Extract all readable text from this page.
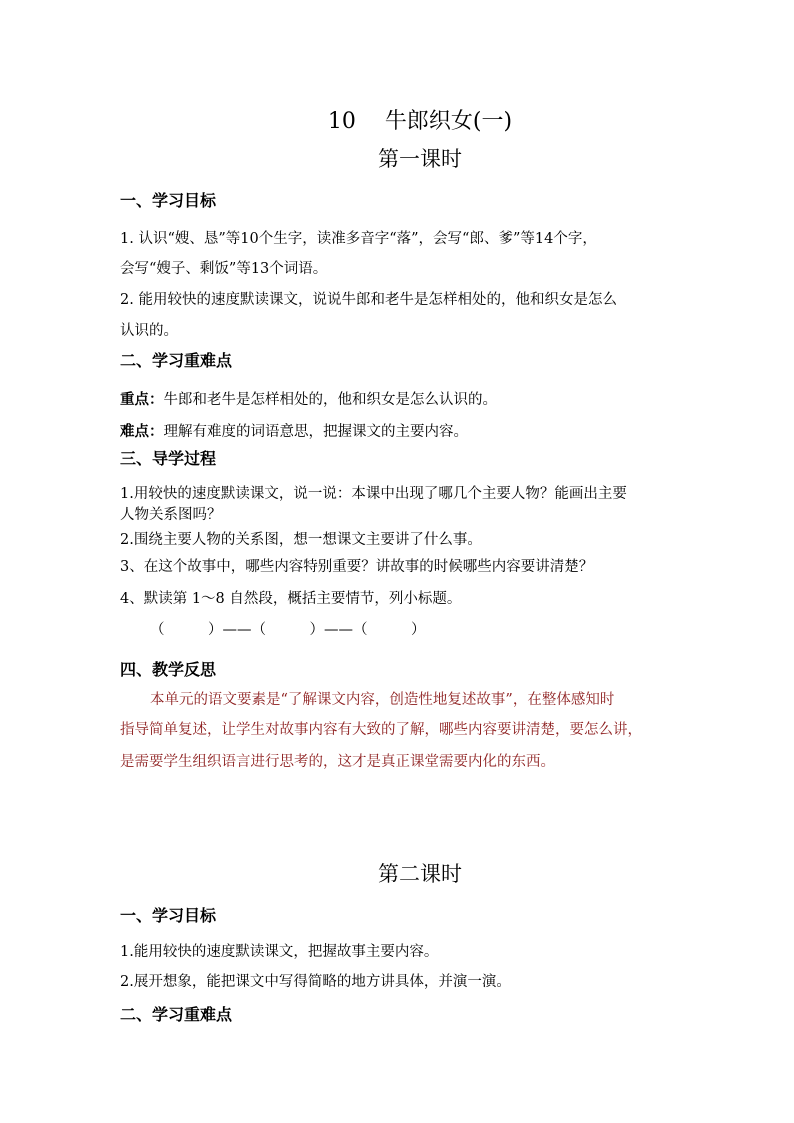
10　 牛郎织女(一)
第一课时
一、学习目标
1. 认识“嫂、恳”等10个生字，读准多音字“落”，会写“郎、爹”等14个字，
会写“嫂子、剩饭”等13个词语。
2. 能用较快的速度默读课文，说说牛郎和老牛是怎样相处的，他和织女是怎么
认识的。
二、学习重难点
重点：牛郎和老牛是怎样相处的，他和织女是怎么认识的。
难点：理解有难度的词语意思，把握课文的主要内容。
三、导学过程
1.用较快的速度默读课文，说一说：本课中出现了哪几个主要人物？能画出主要
人物关系图吗？
2.围绕主要人物的关系图，想一想课文主要讲了什么事。
3、在这个故事中，哪些内容特别重要？讲故事的时候哪些内容要讲清楚？
4、默读第 1～8 自然段，概括主要情节，列小标题。
（　　　）——（　　　）——（　　　）
四、教学反思
本单元的语文要素是“了解课文内容，创造性地复述故事”，在整体感知时
指导简单复述，让学生对故事内容有大致的了解，哪些内容要讲清楚，要怎么讲，
是需要学生组织语言进行思考的，这才是真正课堂需要内化的东西。
第二课时
一、学习目标
1.能用较快的速度默读课文，把握故事主要内容。
2.展开想象，能把课文中写得简略的地方讲具体，并演一演。
二、学习重难点
